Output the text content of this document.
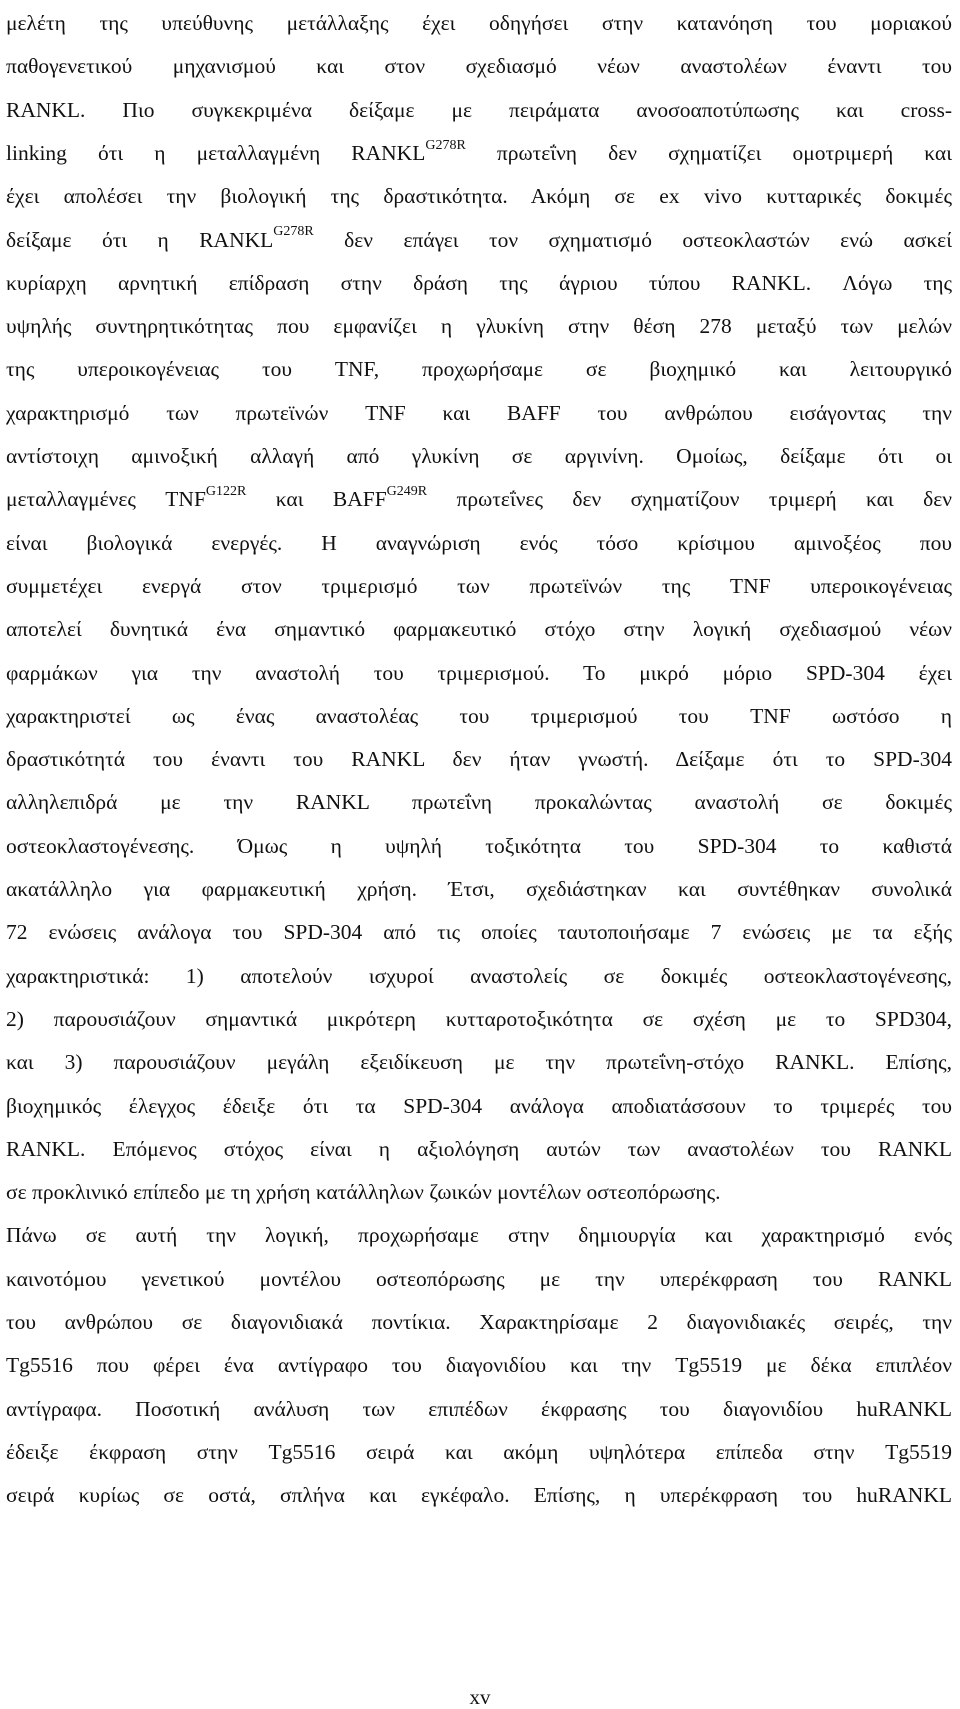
μελέτη της υπεύθυνης μετάλλαξης έχει οδηγήσει στην κατανόηση του μοριακού
παθογενετικού μηχανισμού και στον σχεδιασμό νέων αναστολέων έναντι του
RANKL. Πιο συγκεκριμένα δείξαμε με πειράματα ανοσοαποτύπωσης και cross-
linking ότι η μεταλλαγμένη $RANKL^{G278R}$ πρωτεΐνη δεν σχηματίζει ομοτριμερή και
έχει απολέσει την βιολογική της δραστικότητα. Ακόμη σε ex vivo κυτταρικές δοκιμές
δείξαμε ότι η $RANKL^{G278R}$ δεν επάγει τον σχηματισμό οστεοκλαστών ενώ ασκεί
κυρίαρχη αρνητική επίδραση στην δράση της άγριου τύπου RANKL. Λόγω της
υψηλής συντηρητικότητας που εμφανίζει η γλυκίνη στην θέση 278 μεταξύ των μελών
της υπεροικογένειας του TNF, προχωρήσαμε σε βιοχημικό και λειτουργικό
χαρακτηρισμό των πρωτεϊνών TNF και BAFF του ανθρώπου εισάγοντας την
αντίστοιχη αμινοξική αλλαγή από γλυκίνη σε αργινίνη. Ομοίως, δείξαμε ότι οι
μεταλλαγμένες $TNF^{G122R}$ και $BAFF^{G249R}$ πρωτεΐνες δεν σχηματίζουν τριμερή και δεν
είναι βιολογικά ενεργές. Η αναγνώριση ενός τόσο κρίσιμου αμινοξέος που
συμμετέχει ενεργά στον τριμερισμό των πρωτεϊνών της TNF υπεροικογένειας
αποτελεί δυνητικά ένα σημαντικό φαρμακευτικό στόχο στην λογική σχεδιασμού νέων
φαρμάκων για την αναστολή του τριμερισμού. Το μικρό μόριο SPD-304 έχει
χαρακτηριστεί ως ένας αναστολέας του τριμερισμού του TNF ωστόσο η
δραστικότητά του έναντι του RANKL δεν ήταν γνωστή. Δείξαμε ότι το SPD-304
αλληλεπιδρά με την RANKL πρωτεΐνη προκαλώντας αναστολή σε δοκιμές
οστεοκλαστογένεσης. Όμως η υψηλή τοξικότητα του SPD-304 το καθιστά
ακατάλληλο για φαρμακευτική χρήση. Έτσι, σχεδιάστηκαν και συντέθηκαν συνολικά
72 ενώσεις ανάλογα του SPD-304 από τις οποίες ταυτοποιήσαμε 7 ενώσεις με τα εξής
χαρακτηριστικά: 1) αποτελούν ισχυροί αναστολείς σε δοκιμές οστεοκλαστογένεσης,
2) παρουσιάζουν σημαντικά μικρότερη κυτταροτοξικότητα σε σχέση με το SPD304,
και 3) παρουσιάζουν μεγάλη εξειδίκευση με την πρωτεΐνη-στόχο RANKL. Επίσης,
βιοχημικός έλεγχος έδειξε ότι τα SPD-304 ανάλογα αποδιατάσσουν το τριμερές του
RANKL. Επόμενος στόχος είναι η αξιολόγηση αυτών των αναστολέων του RANKL
σε προκλινικό επίπεδο με τη χρήση κατάλληλων ζωικών μοντέλων οστεοπόρωσης.
Πάνω σε αυτή την λογική, προχωρήσαμε στην δημιουργία και χαρακτηρισμό ενός
καινοτόμου γενετικού μοντέλου οστεοπόρωσης με την υπερέκφραση του RANKL
του ανθρώπου σε διαγονιδιακά ποντίκια. Χαρακτηρίσαμε 2 διαγονιδιακές σειρές, την
Tg5516 που φέρει ένα αντίγραφο του διαγονιδίου και την Tg5519 με δέκα επιπλέον
αντίγραφα. Ποσοτική ανάλυση των επιπέδων έκφρασης του διαγονιδίου huRANKL
έδειξε έκφραση στην Tg5516 σειρά και ακόμη υψηλότερα επίπεδα στην Tg5519
σειρά κυρίως σε οστά, σπλήνα και εγκέφαλο. Επίσης, η υπερέκφραση του huRANKL
xv
